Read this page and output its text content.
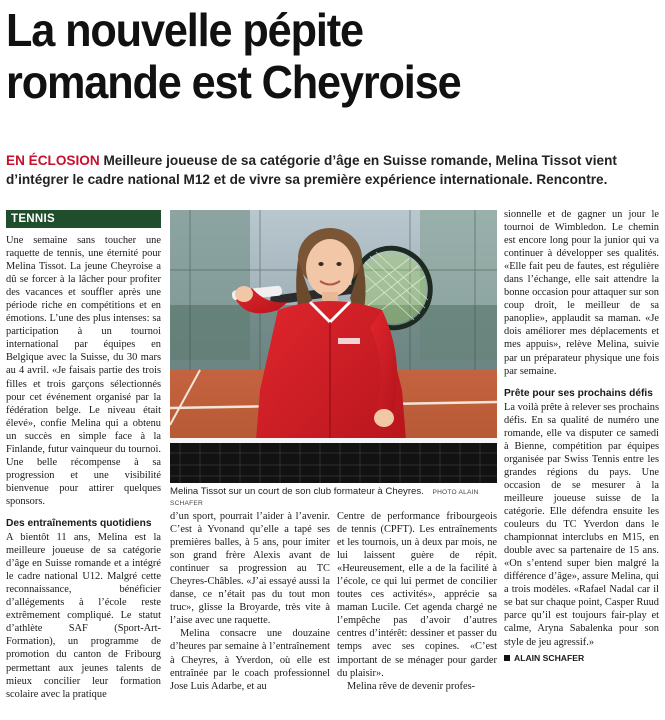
La nouvelle pépite
romande est Cheyroise
EN ÉCLOSION Meilleure joueuse de sa catégorie d’âge en Suisse romande, Melina Tissot vient d’intégrer le cadre national M12 et de vivre sa première expérience internationale. Rencontre.
TENNIS

Une semaine sans toucher une raquette de tennis, une éternité pour Melina Tissot. La jeune Cheyroise a dû se forcer à la lâcher pour profiter des vacances et souffler après une période riche en compétitions et en émotions. L’une des plus intenses: sa participation à un tournoi international par équipes en Belgique avec la Suisse, du 30 mars au 4 avril. «Je faisais partie des trois filles et trois garçons sélectionnés pour cet événement organisé par la fédération belge. Le niveau était élevé», confie Melina qui a obtenu un succès en simple face à la Finlande, futur vainqueur du tournoi. Une belle récompense à sa progression et une visibilité bienvenue pour attirer quelques sponsors.

Des entraînements quotidiens

A bientôt 11 ans, Melina est la meilleure joueuse de sa catégorie d’âge en Suisse romande et a intégré le cadre national U12. Malgré cette reconnaissance, bénéficier d’allégements à l’école reste extrêmement compliqué. Le statut d’athlète SAF (Sport-Art-Formation), un programme de promotion du canton de Fribourg permettant aux jeunes talents de mieux concilier leur formation scolaire avec la pratique

Melina Tissot sur un court de son club formateur à Cheyres. PHOTO ALAIN SCHAFER

d’un sport, pourrait l’aider à l’avenir. C’est à Yvonand qu’elle a tapé ses premières balles, à 5 ans, pour imiter son grand frère Alexis avant de continuer sa progression au TC Cheyres-Châbles. «J’ai essayé aussi la danse, ce n’était pas du tout mon truc», glisse la Broyarde, très vite à l’aise avec une raquette.

Melina consacre une douzaine d’heures par semaine à l’entraînement à Cheyres, à Yverdon, où elle est entraînée par le coach professionnel Jose Luis Adarbe, et au

Centre de performance fribourgeois de tennis (CPFT). Les entraînements et les tournois, un à deux par mois, ne lui laissent guère de répit. «Heureusement, elle a de la facilité à l’école, ce qui lui permet de concilier toutes ces activités», apprécie sa maman Lucile. Cet agenda chargé ne l’empêche pas d’avoir d’autres centres d’intérêt: dessiner et passer du temps avec ses copines. «C’est important de se ménager pour garder du plaisir».

Melina rêve de devenir profes-

sionnelle et de gagner un jour le tournoi de Wimbledon. Le chemin est encore long pour la junior qui va continuer à développer ses qualités. «Elle fait peu de fautes, est régulière dans l’échange, elle sait attendre la bonne occasion pour attaquer sur son coup droit, le meilleur de sa panoplie», applaudit sa maman. «Je dois améliorer mes déplacements et mes appuis», relève Melina, suivie par un préparateur physique une fois par semaine.

Prête pour ses prochains défis

La voilà prête à relever ses prochains défis. En sa qualité de numéro une romande, elle va disputer ce samedi à Bienne, compétition par équipes organisée par Swiss Tennis entre les grandes régions du pays. Une occasion de se mesurer à la meilleure joueuse suisse de la catégorie. Elle défendra ensuite les couleurs du TC Yverdon dans le championnat interclubs en M15, en double avec sa partenaire de 15 ans. «On s’entend super bien malgré la différence d’âge», assure Melina, qui a trois modèles. «Rafael Nadal car il se bat sur chaque point, Casper Ruud parce qu’il est toujours fair-play et calme, Aryna Sabalenka pour son style de jeu agressif.»

ALAIN SCHAFER
